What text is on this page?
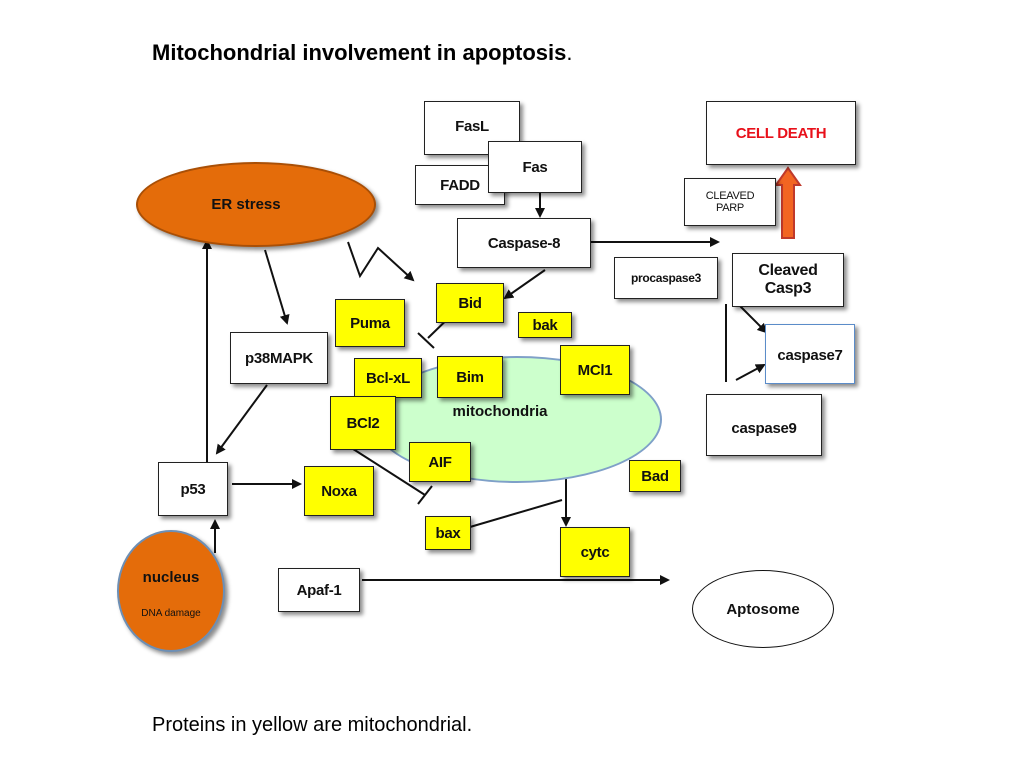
Mitochondrial involvement in apoptosis.
mitochondria
ER stress
nucleus
DNA damage	Aptosome
FasL
FADD
Fas
Caspase-8
CELL DEATH
CLEAVED
PARP
procaspase3	Cleaved
Casp3
p38MAPK	caspase7
caspase9
p53
Apaf-1
Bid
Puma	bak
Bcl-xL	Bim	MCl1
BCl2
AIF
Bad
Noxa
bax
cytc
Proteins in yellow are mitochondrial.
